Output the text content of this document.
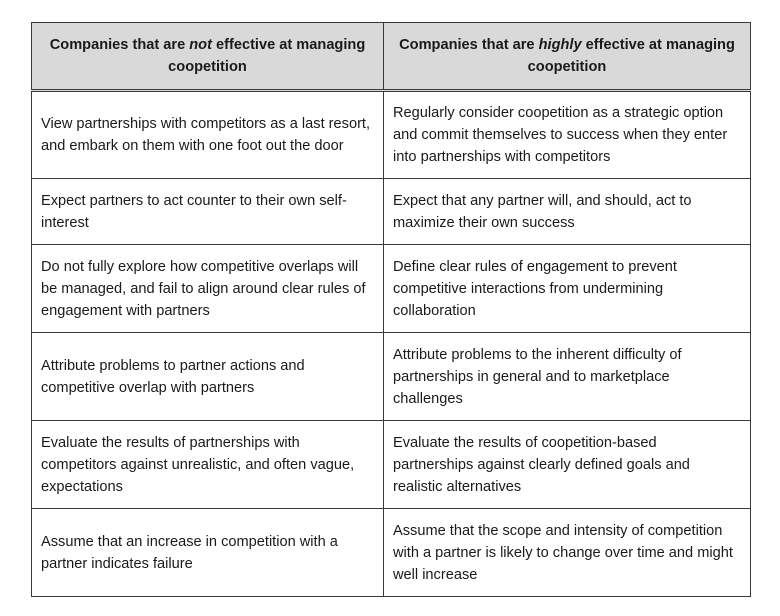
Companies that are not effective at managing coopetition	Companies that are highly effective at managing coopetition
View partnerships with competitors as a last resort, and embark on them with one foot out the door	Regularly consider coopetition as a strategic option and commit themselves to success when they enter into partnerships with competitors
Expect partners to act counter to their own self-interest	Expect that any partner will, and should, act to maximize their own success
Do not fully explore how competitive overlaps will be managed, and fail to align around clear rules of engagement with partners	Define clear rules of engagement to prevent competitive interactions from undermining collaboration
Attribute problems to partner actions and competitive overlap with partners	Attribute problems to the inherent difficulty of partnerships in general and to marketplace challenges
Evaluate the results of partnerships with competitors against unrealistic, and often vague, expectations	Evaluate the results of coopetition-based partnerships against clearly defined goals and realistic alternatives
Assume that an increase in competition with a partner indicates failure	Assume that the scope and intensity of competition with a partner is likely to change over time and might well increase
